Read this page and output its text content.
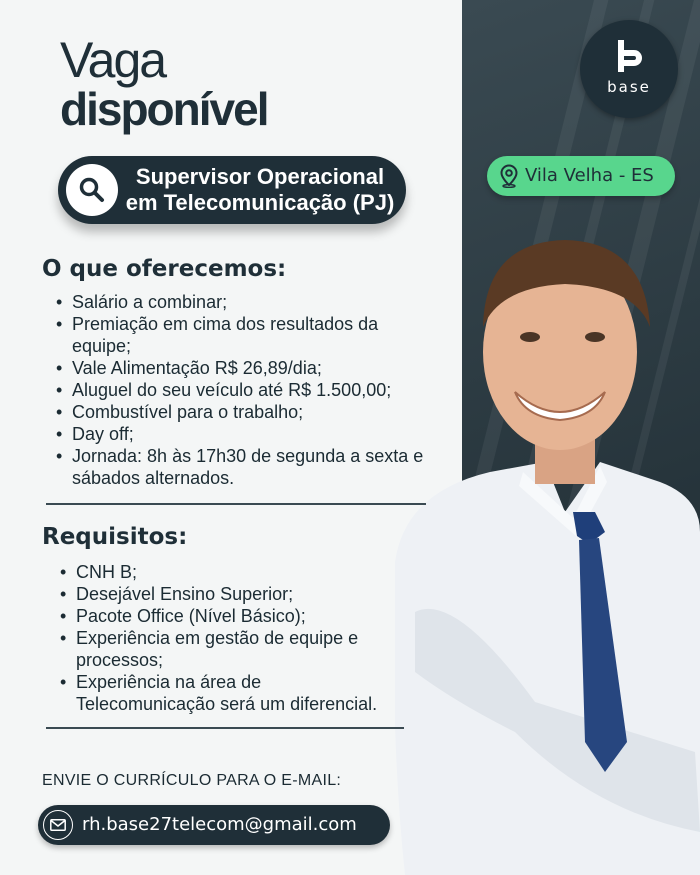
Vaga
disponível	base
Supervisor Operacional
em Telecomunicação (PJ)
Vila Velha - ES
O que oferecemos:
• Salário a combinar;
• Premiação em cima dos resultados da equipe;
• Vale Alimentação R$ 26,89/dia;
• Aluguel do seu veículo até R$ 1.500,00;
• Combustível para o trabalho;
• Day off;
• Jornada: 8h às 17h30 de segunda a sexta e sábados alternados.
Requisitos:
• CNH B;
• Desejável Ensino Superior;
• Pacote Office (Nível Básico);
• Experiência em gestão de equipe e processos;
• Experiência na área de Telecomunicação será um diferencial.
ENVIE O CURRÍCULO PARA O E-MAIL:
rh.base27telecom@gmail.com
